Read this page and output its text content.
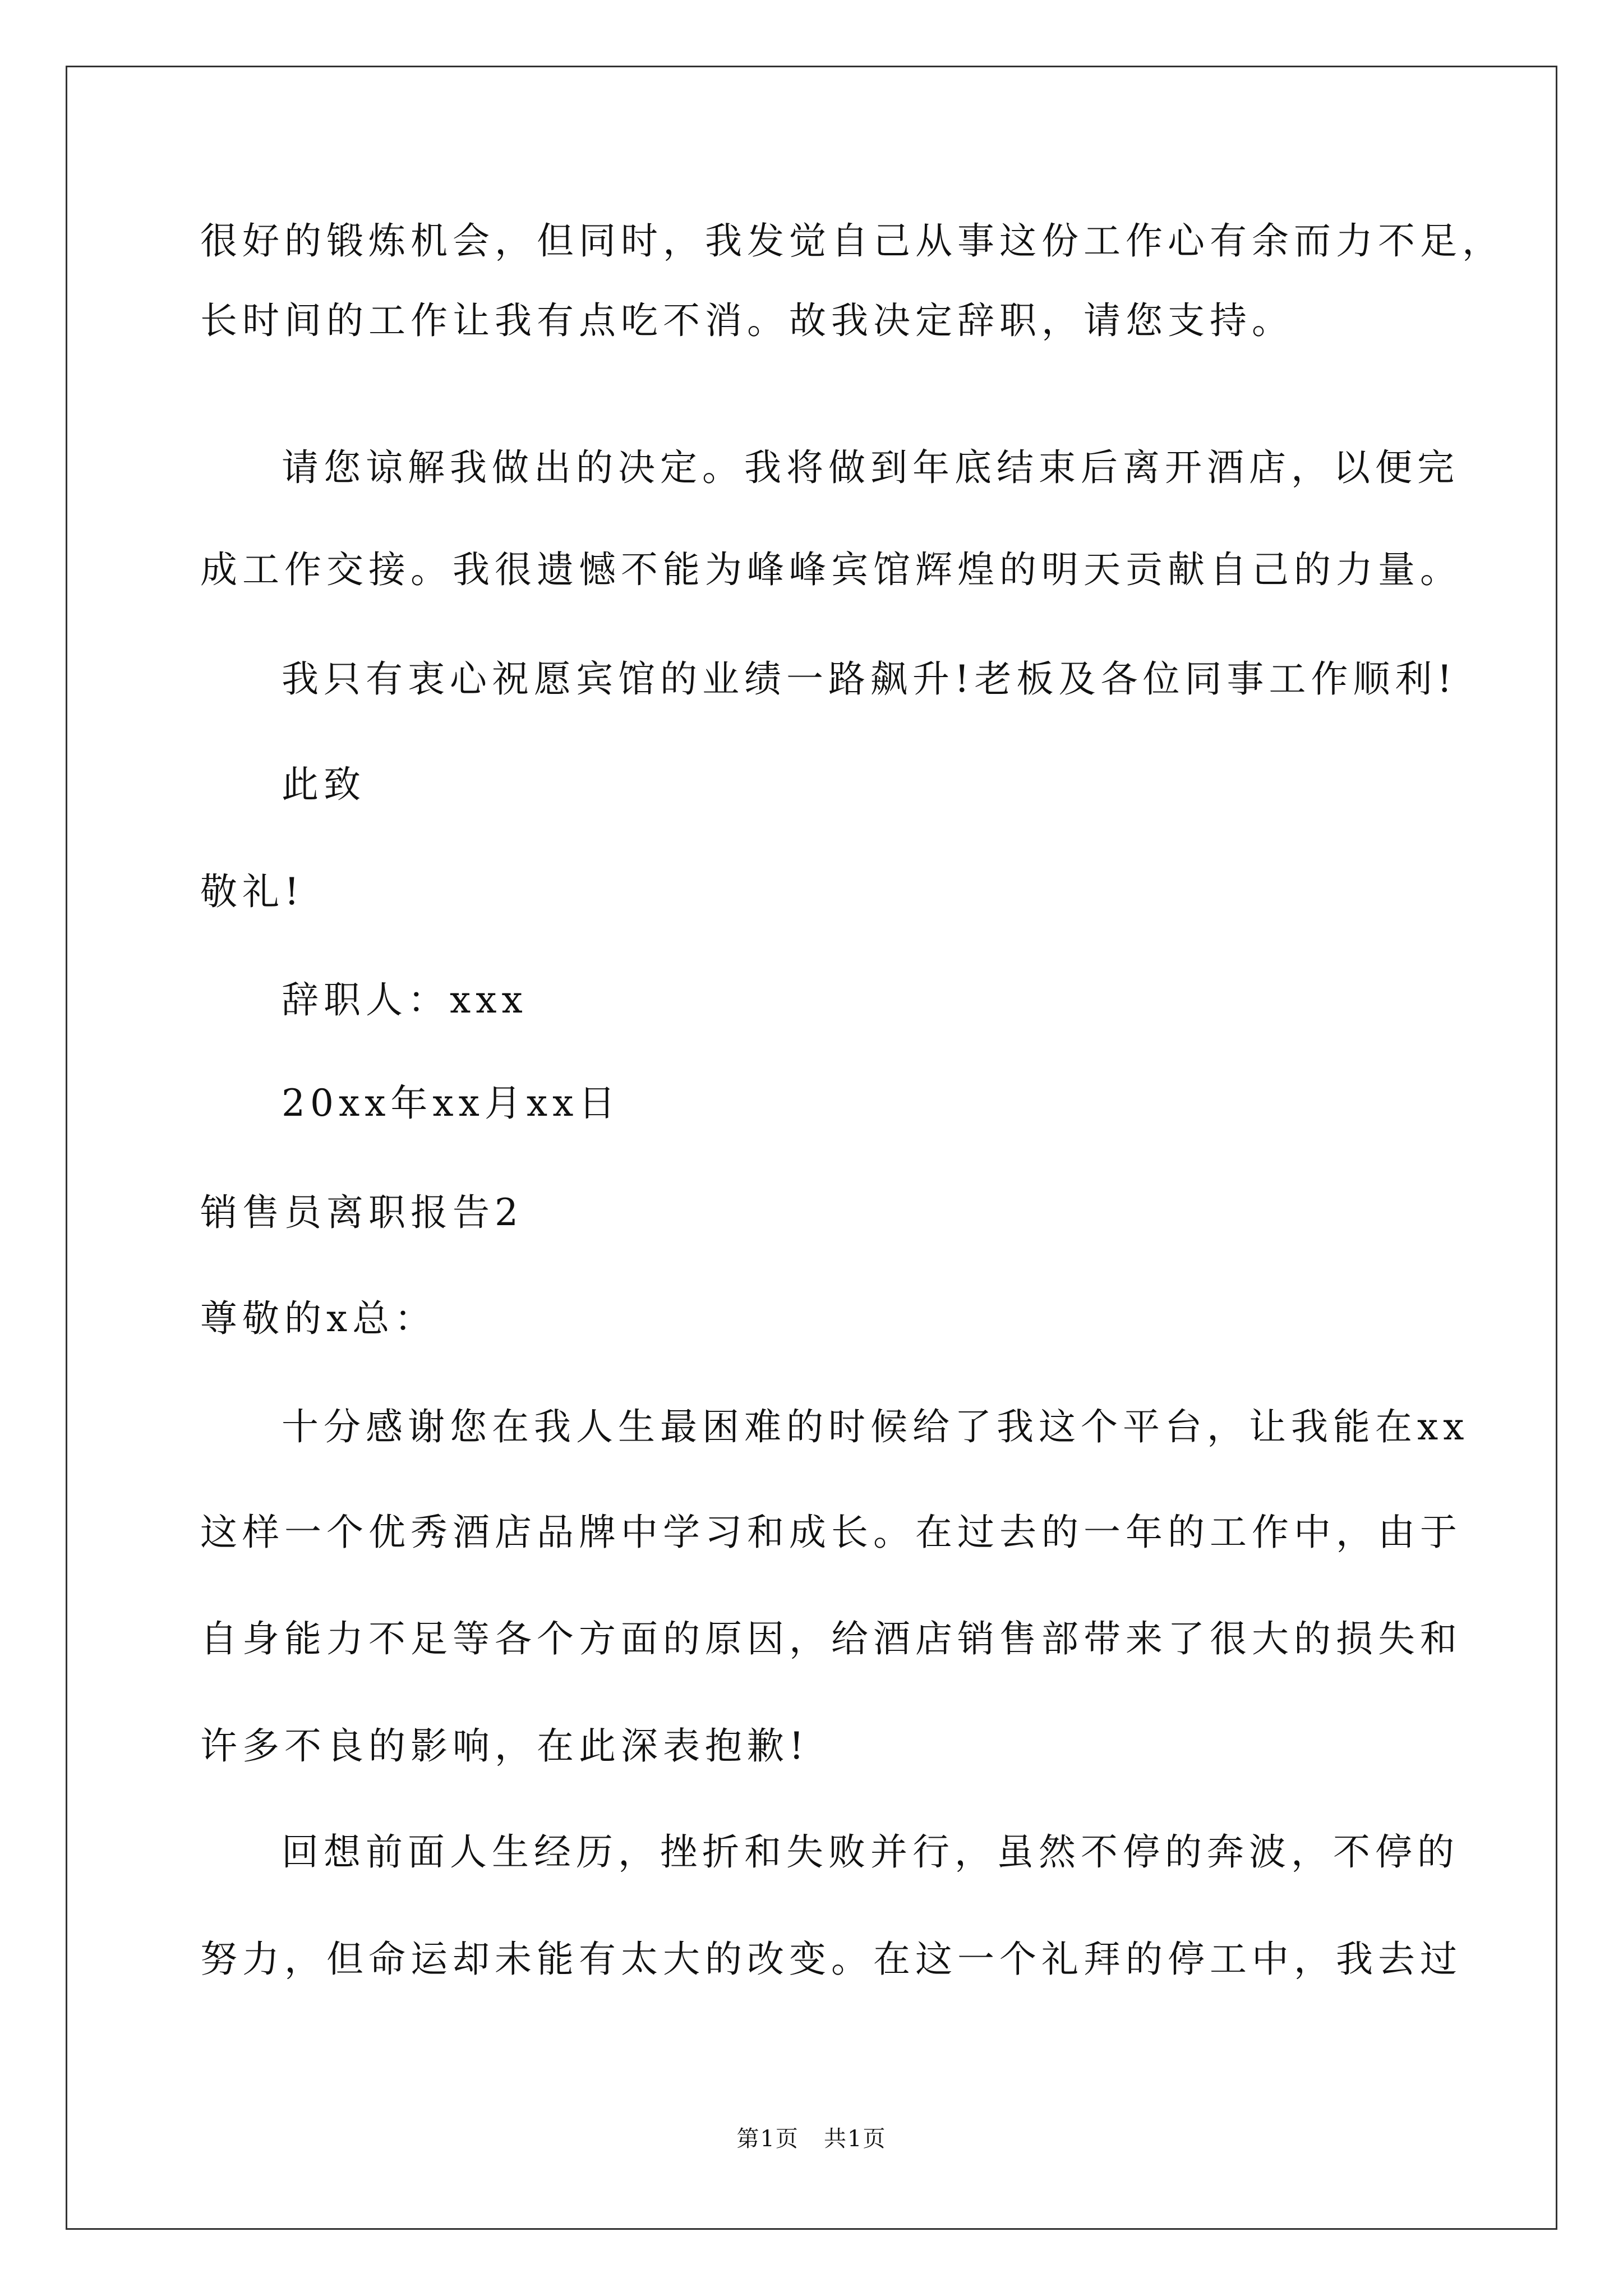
很好的锻炼机会，但同时，我发觉自己从事这份工作心有余而力不足，
长时间的工作让我有点吃不消。故我决定辞职，请您支持。
请您谅解我做出的决定。我将做到年底结束后离开酒店，以便完
成工作交接。我很遗憾不能为峰峰宾馆辉煌的明天贡献自己的力量。
我只有衷心祝愿宾馆的业绩一路飙升!老板及各位同事工作顺利!
此致
敬礼!
辞职人：xxx
20xx年xx月xx日
销售员离职报告2
尊敬的x总：
十分感谢您在我人生最困难的时候给了我这个平台，让我能在xx
这样一个优秀酒店品牌中学习和成长。在过去的一年的工作中，由于
自身能力不足等各个方面的原因，给酒店销售部带来了很大的损失和
许多不良的影响，在此深表抱歉!
回想前面人生经历，挫折和失败并行，虽然不停的奔波，不停的
努力，但命运却未能有太大的改变。在这一个礼拜的停工中，我去过
第1页   共1页
